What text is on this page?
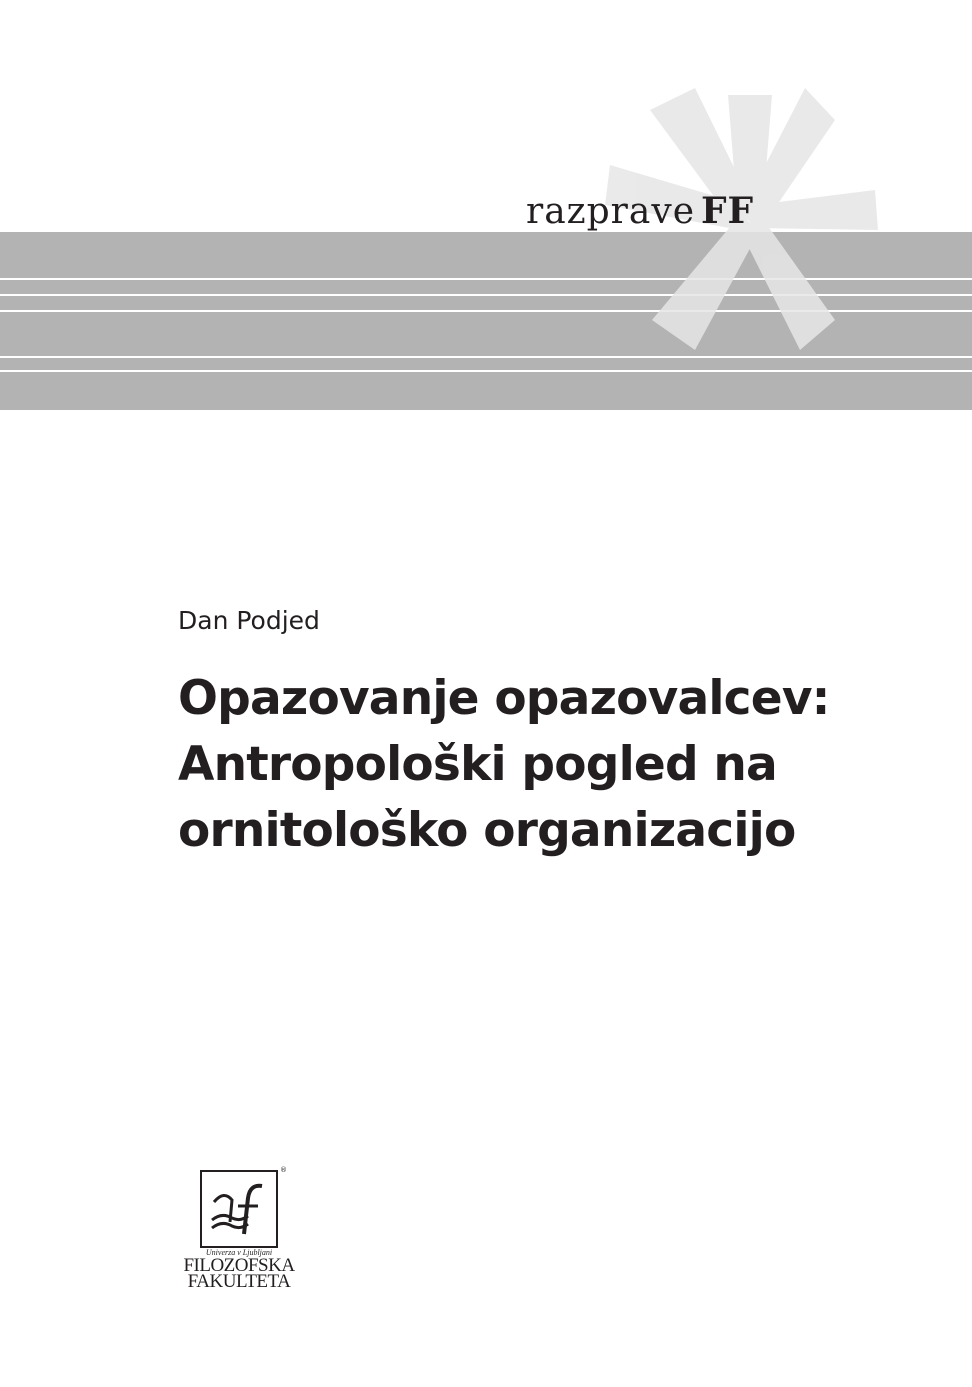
razprave FF
Dan Podjed
Opazovanje opazovalcev:
Antropološki pogled na
ornitološko organizacijo
®
Univerza v Ljubljani
FILOZOFSKA
FAKULTETA
